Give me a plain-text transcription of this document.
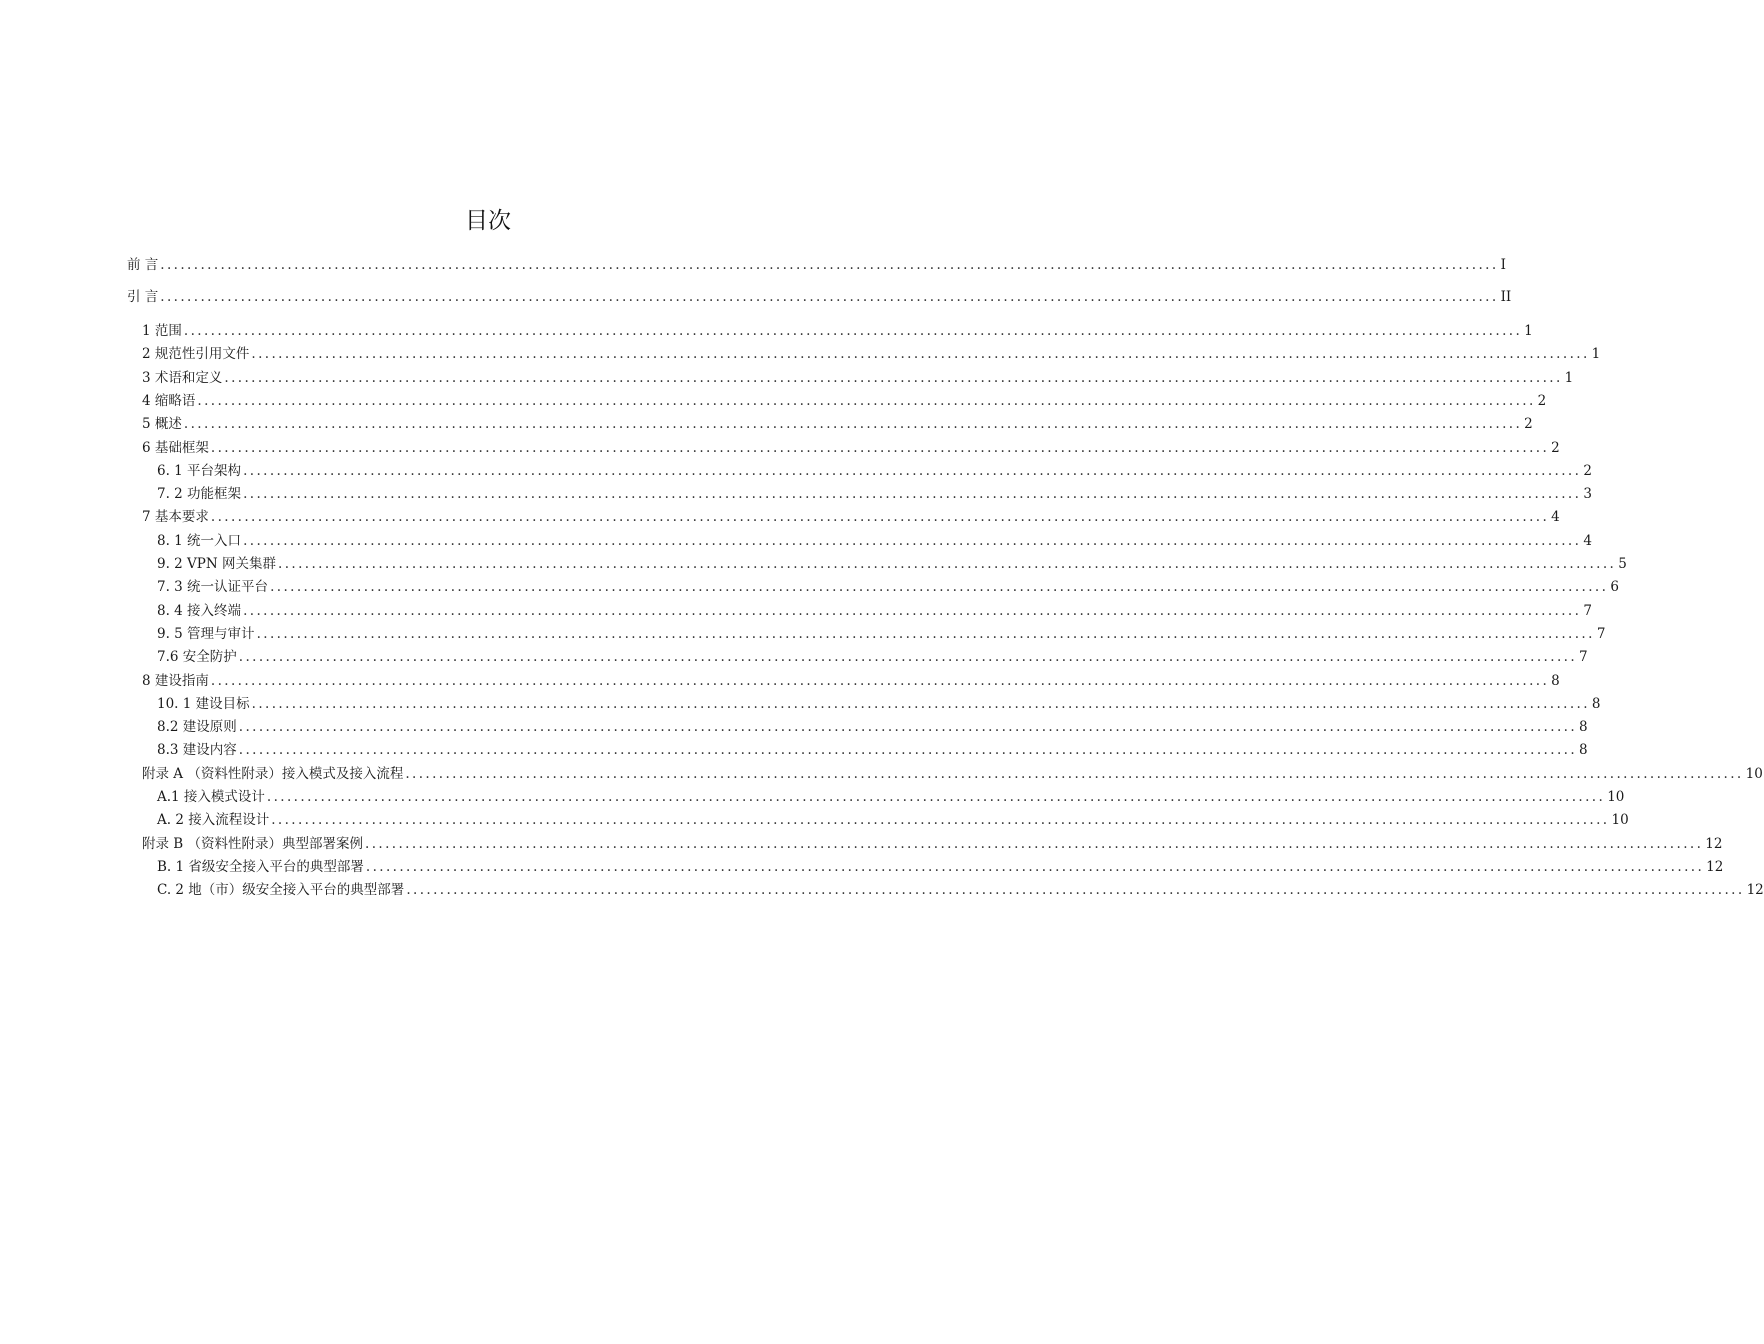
目次
前 言 ........................................................................................................................................................................................................ I
引 言 ........................................................................................................................................................................................................ II
1 范围 ........................................................................................................................................................................................................ 1
2 规范性引用文件 ........................................................................................................................................................................................................ 1
3 术语和定义 ........................................................................................................................................................................................................ 1
4 缩略语 ........................................................................................................................................................................................................ 2
5 概述 ........................................................................................................................................................................................................ 2
6 基础框架 ........................................................................................................................................................................................................ 2
6. 1 平台架构 ........................................................................................................................................................................................................ 2
7. 2 功能框架 ........................................................................................................................................................................................................ 3
7 基本要求 ........................................................................................................................................................................................................ 4
8. 1 统一入口 ........................................................................................................................................................................................................ 4
9. 2 VPN 网关集群 ........................................................................................................................................................................................................ 5
7. 3 统一认证平台 ........................................................................................................................................................................................................ 6
8. 4 接入终端 ........................................................................................................................................................................................................ 7
9. 5 管理与审计 ........................................................................................................................................................................................................ 7
7.6 安全防护 ........................................................................................................................................................................................................ 7
8 建设指南 ........................................................................................................................................................................................................ 8
10. 1 建设目标 ........................................................................................................................................................................................................ 8
8.2 建设原则 ........................................................................................................................................................................................................ 8
8.3 建设内容 ........................................................................................................................................................................................................ 8
附录 A （资料性附录）接入模式及接入流程 ........................................................................................................................................................................................................ 10
A.1 接入模式设计 ........................................................................................................................................................................................................ 10
A. 2 接入流程设计 ........................................................................................................................................................................................................ 10
附录 B （资料性附录）典型部署案例 ........................................................................................................................................................................................................ 12
B. 1 省级安全接入平台的典型部署 ........................................................................................................................................................................................................ 12
C. 2 地（市）级安全接入平台的典型部署 ........................................................................................................................................................................................................ 12
